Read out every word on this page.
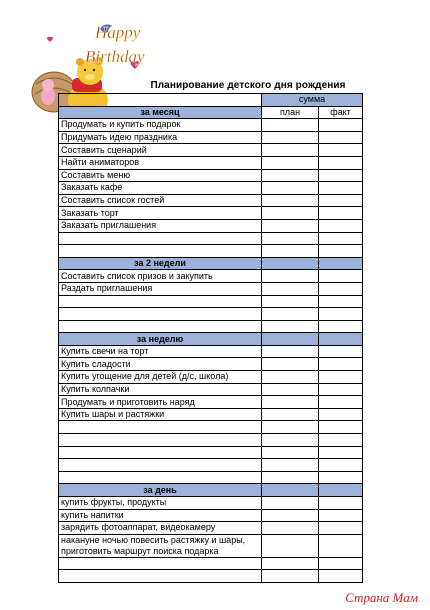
Happy
Birthday
Планирование детского дня рождения
	сумма	
за месяц	план	факт
Продумать и купить подарок		
Придумать идею праздника		
Составить сценарий		
Найти аниматоров		
Составить меню		
Заказать кафе		
Составить список гостей		
Заказать торт		
Заказать приглашения		

за 2 недели		
Составить список призов и закупить		
Раздать приглашения		

за неделю		
Купить свечи на торт		
Купить сладости		
Купить угощение для детей (д/с, школа)		
Купить колпачки		
Продумать и приготовить наряд		
Купить шары и растяжки		

за день		
купить фрукты, продукты		
купить напитки		
зарядить фотоаппарат, видеокамеру		
накануне ночью повесить растяжку и шары, приготовить маршрут поиска подарка		

Страна Мам
